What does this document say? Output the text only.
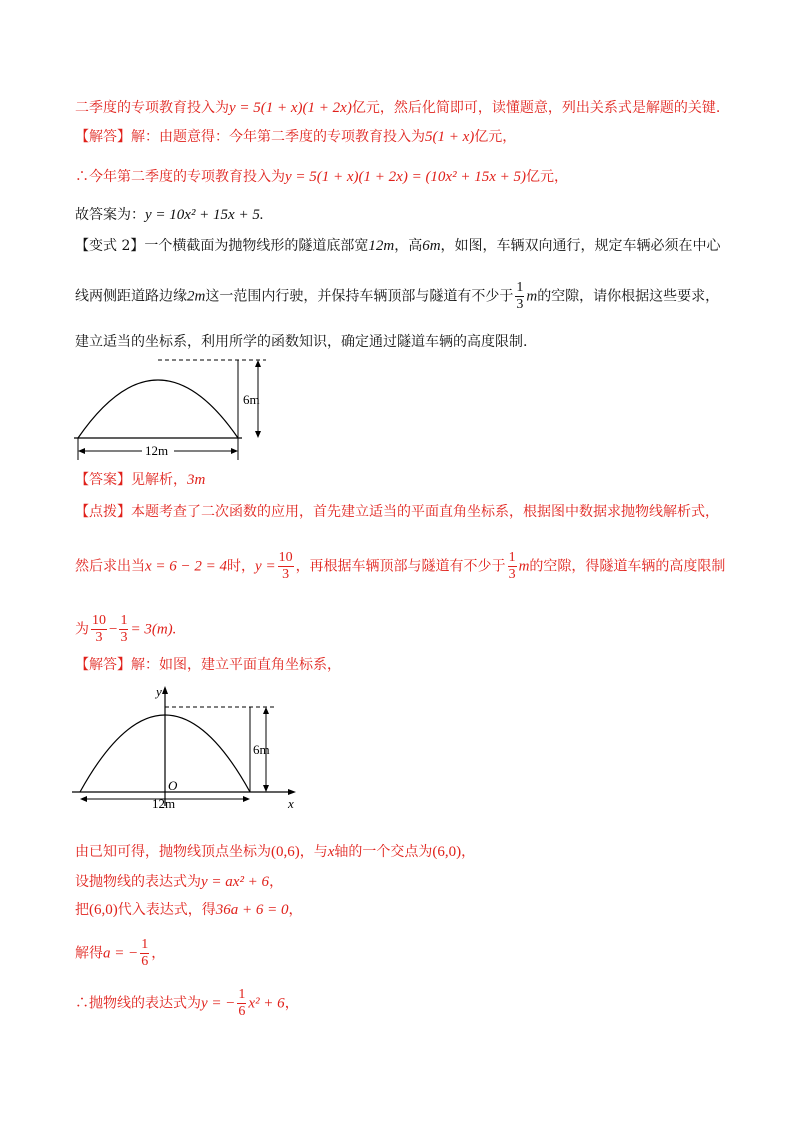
二季度的专项教育投入为y = 5(1 + x)(1 + 2x)亿元，然后化简即可，读懂题意，列出关系式是解题的关键.
【解答】解：由题意得：今年第二季度的专项教育投入为5(1 + x)亿元，
∴今年第二季度的专项教育投入为y = 5(1 + x)(1 + 2x) = (10x² + 15x + 5)亿元，
故答案为：y = 10x² + 15x + 5.
【变式 2】一个横截面为抛物线形的隧道底部宽12m，高6m，如图，车辆双向通行，规定车辆必须在中心
线两侧距道路边缘2m这一范围内行驶，并保持车辆顶部与隧道有不少于 $\frac{1}{3}$ m的空隙，请你根据这些要求，
建立适当的坐标系，利用所学的函数知识，确定通过隧道车辆的高度限制.
6m
12m
【答案】见解析，3m
【点拨】本题考查了二次函数的应用，首先建立适当的平面直角坐标系，根据图中数据求抛物线解析式，
然后求出当x = 6 − 2 = 4时，$y = \frac{10}{3}$ ，再根据车辆顶部与隧道有不少于 $\frac{1}{3}$ m的空隙，得隧道车辆的高度限制
为 $\frac{10}{3} - \frac{1}{3} = 3(m)$.
【解答】解：如图，建立平面直角坐标系，
x
y
6m
O
12m
由已知可得，抛物线顶点坐标为(0,6)，与x轴的一个交点为(6,0)，
设抛物线的表达式为y = ax² + 6，
把(6,0)代入表达式，得36a + 6 = 0，
解得a = − $\frac{1}{6}$ ，
∴抛物线的表达式为y = − $\frac{1}{6} x^2 + 6$，
